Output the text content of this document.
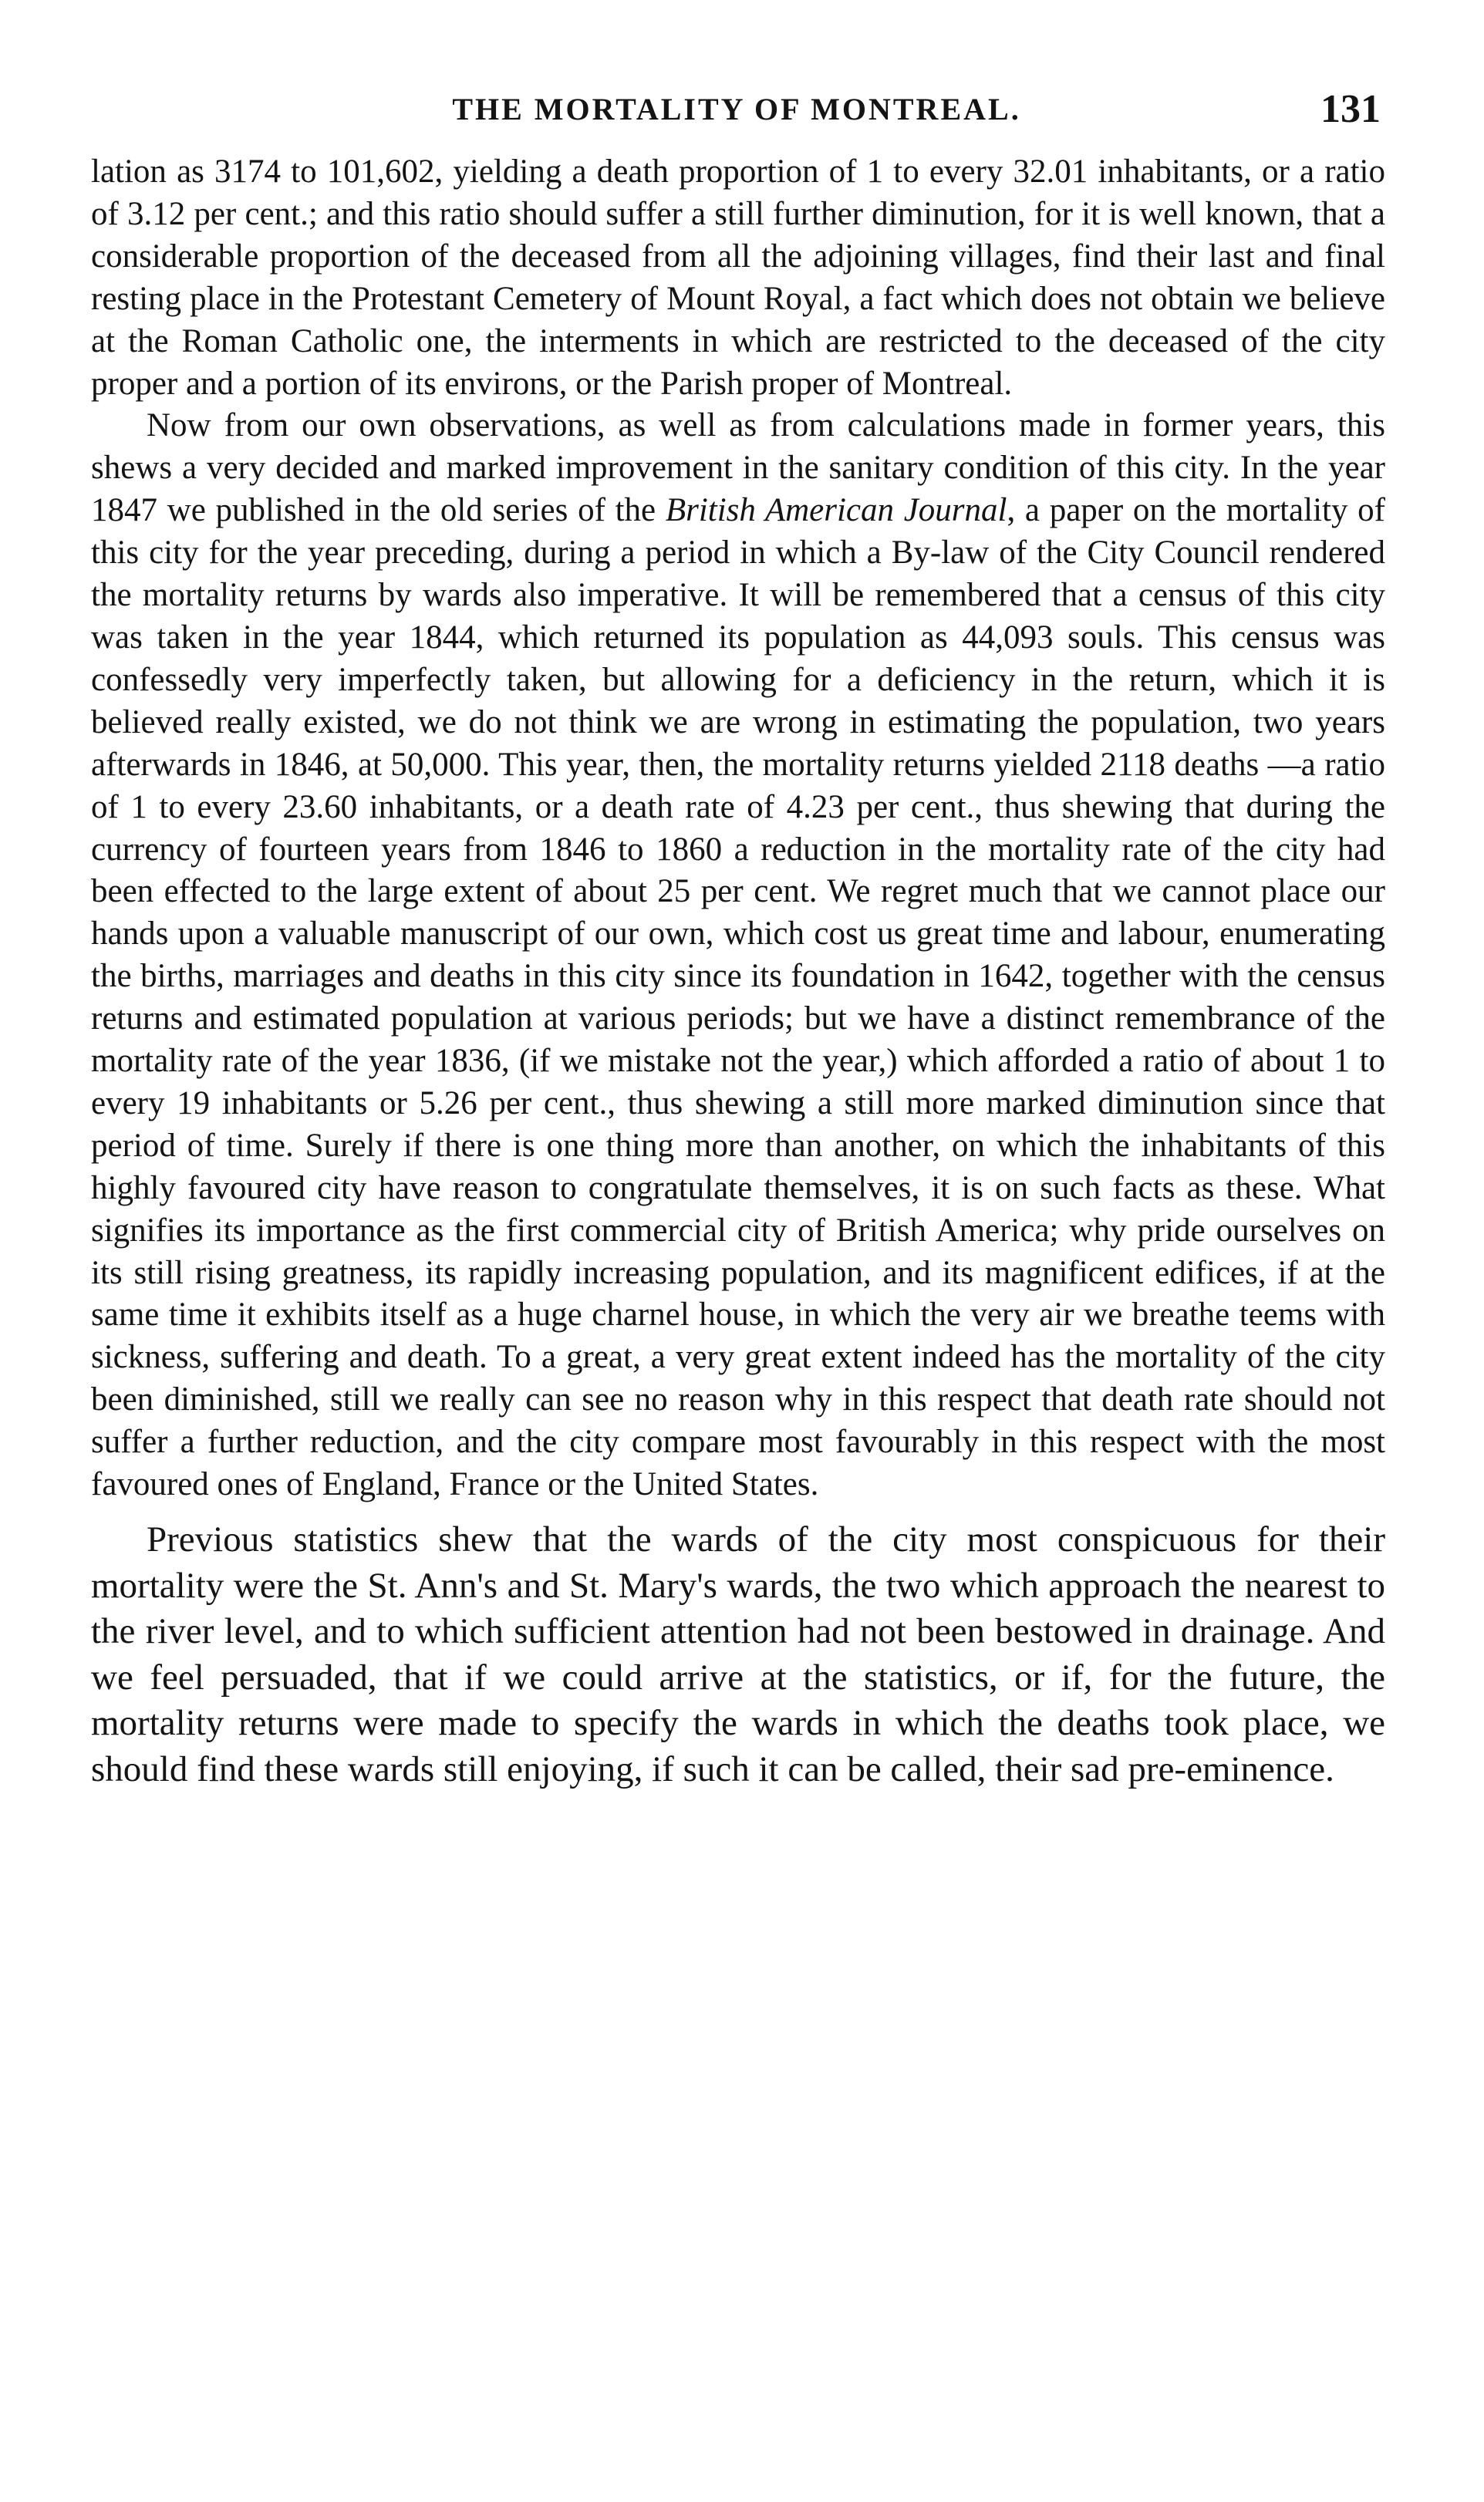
THE MORTALITY OF MONTREAL.	131

lation as 3174 to 101,602, yielding a death proportion of 1 to every 32.01 inhabitants, or a ratio of 3.12 per cent.; and this ratio should suffer a still further diminution, for it is well known, that a considerable proportion of the deceased from all the adjoining villages, find their last and final resting place in the Protestant Cemetery of Mount Royal, a fact which does not obtain we believe at the Roman Catholic one, the interments in which are restricted to the deceased of the city proper and a portion of its environs, or the Parish proper of Montreal.

Now from our own observations, as well as from calculations made in former years, this shews a very decided and marked improvement in the sanitary condition of this city. In the year 1847 we published in the old series of the British American Journal, a paper on the mortality of this city for the year preceding, during a period in which a By-law of the City Council rendered the mortality returns by wards also imperative. It will be remembered that a census of this city was taken in the year 1844, which returned its population as 44,093 souls. This census was confessedly very imperfectly taken, but allowing for a deficiency in the return, which it is believed really existed, we do not think we are wrong in estimating the population, two years afterwards in 1846, at 50,000. This year, then, the mortality returns yielded 2118 deaths —a ratio of 1 to every 23.60 inhabitants, or a death rate of 4.23 per cent., thus shewing that during the currency of fourteen years from 1846 to 1860 a reduction in the mortality rate of the city had been effected to the large extent of about 25 per cent. We regret much that we cannot place our hands upon a valuable manuscript of our own, which cost us great time and labour, enumerating the births, marriages and deaths in this city since its foundation in 1642, together with the census returns and estimated population at various periods; but we have a distinct remembrance of the mortality rate of the year 1836, (if we mistake not the year,) which afforded a ratio of about 1 to every 19 inhabitants or 5.26 per cent., thus shewing a still more marked diminution since that period of time. Surely if there is one thing more than another, on which the inhabitants of this highly favoured city have reason to congratulate themselves, it is on such facts as these. What signifies its importance as the first commercial city of British America; why pride ourselves on its still rising greatness, its rapidly increasing population, and its magnificent edifices, if at the same time it exhibits itself as a huge charnel house, in which the very air we breathe teems with sickness, suffering and death. To a great, a very great extent indeed has the mortality of the city been diminished, still we really can see no reason why in this respect that death rate should not suffer a further reduction, and the city compare most favourably in this respect with the most favoured ones of England, France or the United States.

Previous statistics shew that the wards of the city most conspicuous for their mortality were the St. Ann's and St. Mary's wards, the two which approach the nearest to the river level, and to which sufficient attention had not been bestowed in drainage. And we feel persuaded, that if we could arrive at the statistics, or if, for the future, the mortality returns were made to specify the wards in which the deaths took place, we should find these wards still enjoying, if such it can be called, their sad pre-eminence.
